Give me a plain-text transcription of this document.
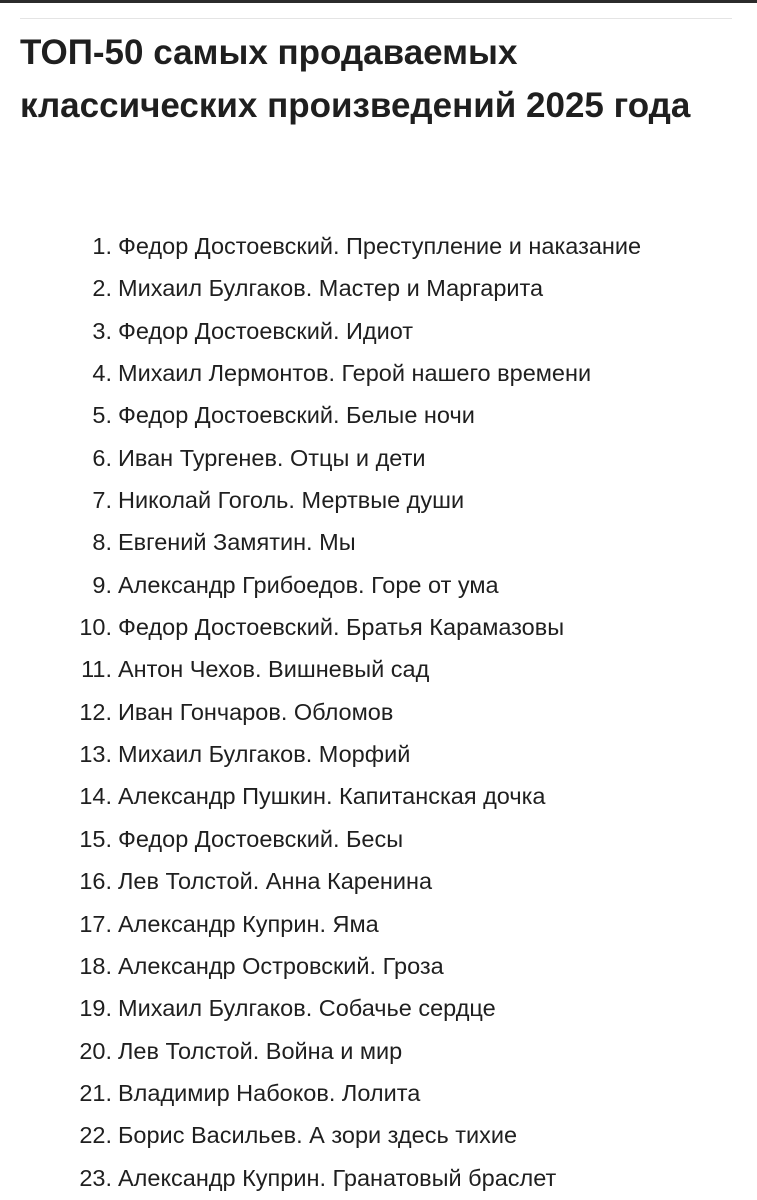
ТОП-50 самых продаваемых классических произведений 2025 года
1. Федор Достоевский. Преступление и наказание
2. Михаил Булгаков. Мастер и Маргарита
3. Федор Достоевский. Идиот
4. Михаил Лермонтов. Герой нашего времени
5. Федор Достоевский. Белые ночи
6. Иван Тургенев. Отцы и дети
7. Николай Гоголь. Мертвые души
8. Евгений Замятин. Мы
9. Александр Грибоедов. Горе от ума
10. Федор Достоевский. Братья Карамазовы
11. Антон Чехов. Вишневый сад
12. Иван Гончаров. Обломов
13. Михаил Булгаков. Морфий
14. Александр Пушкин. Капитанская дочка
15. Федор Достоевский. Бесы
16. Лев Толстой. Анна Каренина
17. Александр Куприн. Яма
18. Александр Островский. Гроза
19. Михаил Булгаков. Собачье сердце
20. Лев Толстой. Война и мир
21. Владимир Набоков. Лолита
22. Борис Васильев. А зори здесь тихие
23. Александр Куприн. Гранатовый браслет
